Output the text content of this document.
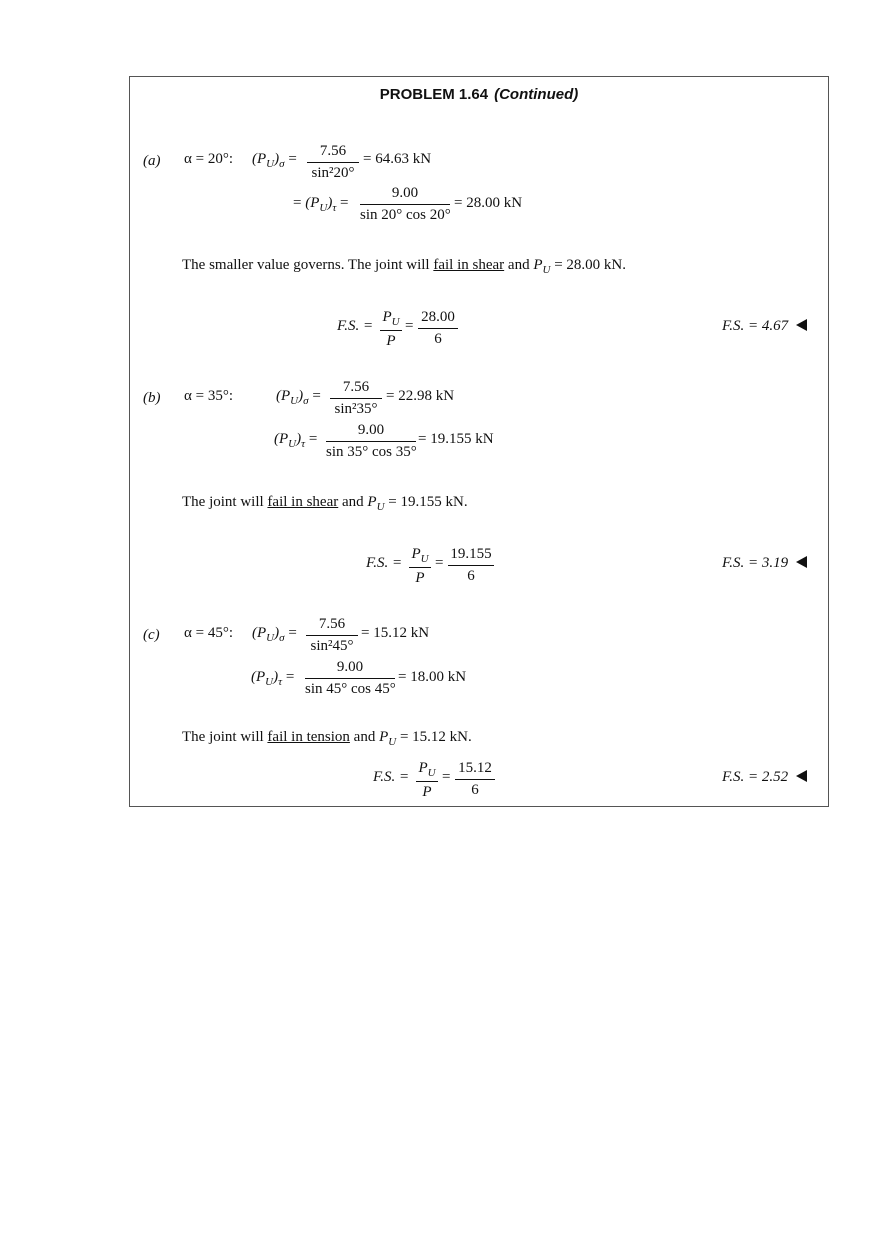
PROBLEM 1.64 (Continued)
(a) α = 20°: $(P_U)_\sigma = \frac{7.56}{\text{sin²20°}} = 64.63$ kN
= $(P_U)_\tau = \frac{9.00}{\sin 20^\circ \cos 20^\circ} = 28.00$ kN
The smaller value governs. The joint will fail in shear and $P_U = 28.00$ kN.
F.S. = $\frac{P_U}{P} = \frac{28.00}{6}$	F.S. = 4.67
(b) α = 35°:	$(P_U)_\sigma = \frac{7.56}{\text{sin²35°}} = 22.98$ kN
$(P_U)_\tau = \frac{9.00}{\sin 35^\circ \cos 35^\circ} = 19.155$ kN
The joint will fail in shear and $P_U = 19.155$ kN.
F.S. = $\frac{P_U}{P} = \frac{19.155}{6}$	F.S. = 3.19
(c) α = 45°: $(P_U)_\sigma = \frac{7.56}{\text{sin²45°}} = 15.12$ kN
$(P_U)_\tau = \frac{9.00}{\sin 45^\circ \cos 45^\circ} = 18.00$ kN
The joint will fail in tension and $P_U = 15.12$ kN.
F.S. = $\frac{P_U}{P} = \frac{15.12}{6}$	F.S. = 2.52
